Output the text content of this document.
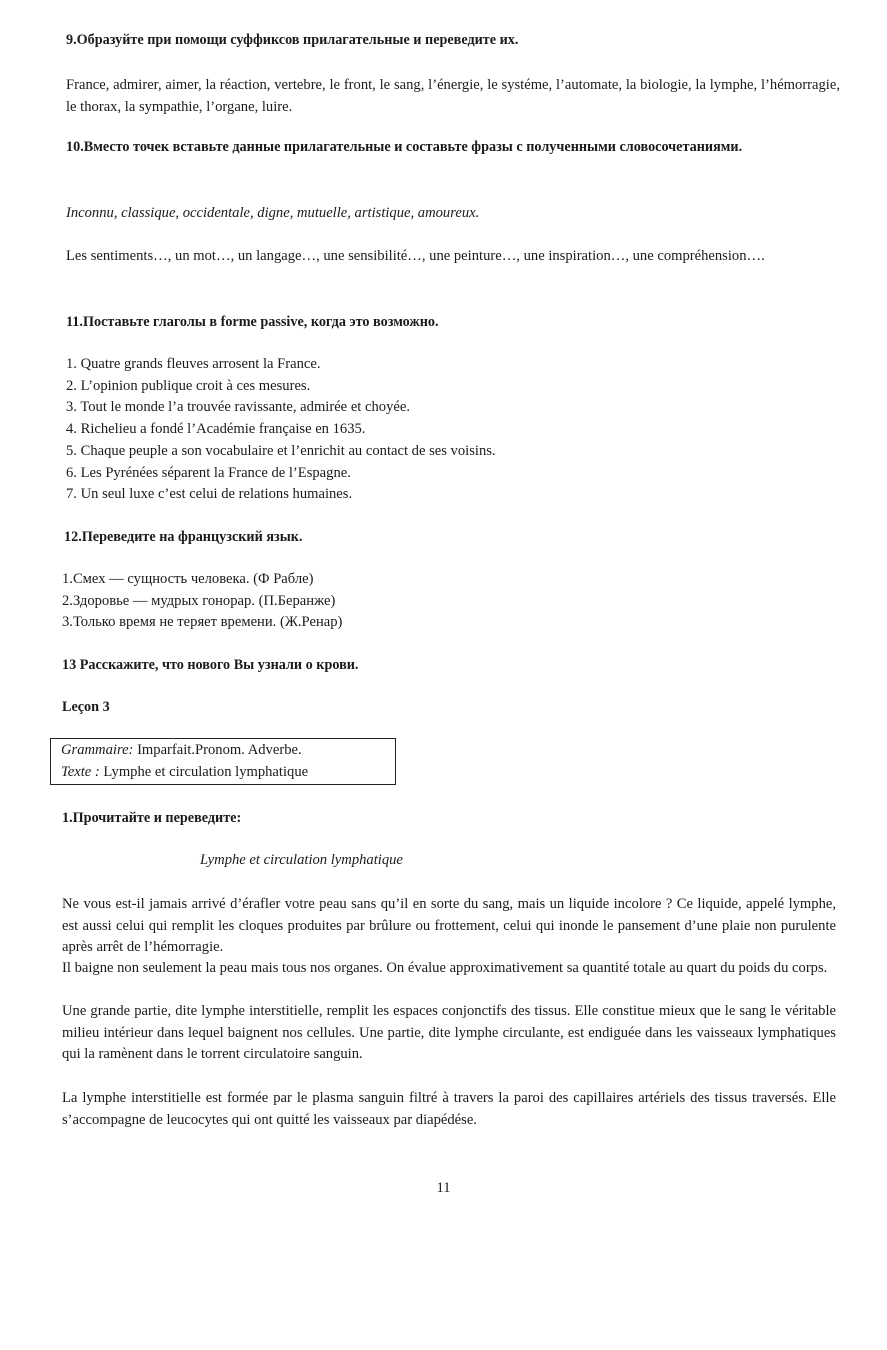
9.Образуйте при помощи суффиксов прилагательные и переведите их.
France, admirer, aimer, la réaction, vertebre, le front, le sang, l’énergie, le systéme, l’automate, la biologie, la lymphe, l’hémorragie, le thorax, la sympathie, l’organe, luire.
10.Вместо точек вставьте данные прилагательные и составьте фразы с полученными словосочетаниями.
Inconnu, classique, occidentale, digne, mutuelle, artistique, amoureux.
Les sentiments…, un mot…, un langage…, une sensibilité…, une peinture…, une inspiration…, une compréhension….
11.Поставьте глаголы в forme passive, когда это возможно.
1. Quatre grands fleuves arrosent la France.
2. L’opinion publique croit à ces mesures.
3. Tout le monde l’a trouvée ravissante, admirée et choyée.
4. Richelieu a fondé l’Académie française en 1635.
5. Chaque peuple a son vocabulaire et l’enrichit au contact de ses voisins.
6. Les Pyrénées séparent la France de l’Espagne.
7. Un seul luxe c’est celui de relations humaines.
12.Переведите на французский язык.
1.Смех — сущность человека. (Ф Рабле)
2.Здоровье — мудрых гонорар. (П.Беранже)
3.Только время не теряет времени. (Ж.Ренар)
13 Расскажите, что нового Вы узнали о крови.
Leçon 3
Grammaire: Imparfait.Pronom. Adverbe.
Texte : Lymphe et circulation lymphatique
1.Прочитайте и переведите:
Lymphe et circulation lymphatique
Ne vous est-il jamais arrivé d’érafler votre peau sans qu’il en sorte du sang, mais un liquide incolore ? Ce liquide, appelé lymphe, est aussi celui qui remplit les cloques produites par brûlure ou frottement, celui qui inonde le pansement d’une plaie non purulente après arrêt de l’hémorragie.
Il baigne non seulement la peau mais tous nos organes. On évalue approximativement sa quantité totale au quart du poids du corps.
Une grande partie, dite lymphe interstitielle, remplit les espaces conjonctifs des tissus. Elle constitue mieux que le sang le véritable milieu intérieur dans lequel baignent nos cellules. Une partie, dite lymphe circulante, est endiguée dans les vaisseaux lymphatiques qui la ramènent dans le torrent circulatoire sanguin.
La lymphe interstitielle est formée par le plasma sanguin filtré à travers la paroi des capillaires artériels des tissus traversés. Elle s’accompagne de leucocytes qui ont quitté les vaisseaux par diapédése.
11
